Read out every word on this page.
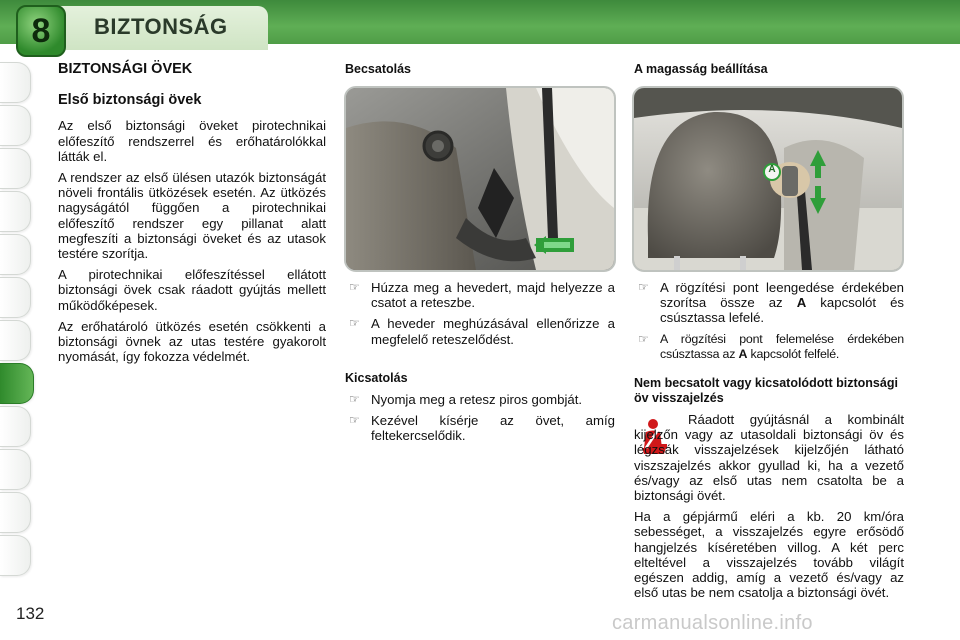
8	BIZTONSÁG
BIZTONSÁGI ÖVEK
Első biztonsági övek

Az első biztonsági öveket pirotechnikai előfeszítő rendszerrel és erőhatárolókkal látták el.

A rendszer az első ülésen utazók biztonságát növeli frontális ütközések esetén. Az ütközés nagyságától függően a pirotechnikai előfeszítő rendszer egy pillanat alatt megfeszíti a biztonsági öveket és az utasok testére szorítja.

A pirotechnikai előfeszítéssel ellátott biztonsági övek csak ráadott gyújtás mellett működőképesek.

Az erőhatároló ütközés esetén csökkenti a biztonsági övnek az utas testére gyakorolt nyomását, így fokozza védelmét.

Becsatolás
☞ Húzza meg a hevedert, majd helyezze a csatot a reteszbe.
☞ A heveder meghúzásával ellenőrizze a megfelelő reteszelődést.
Kicsatolás
☞ Nyomja meg a retesz piros gombját.
☞ Kezével kísérje az övet, amíg feltekercselődik.
A magasság beállítása
A
☞ A rögzítési pont leengedése érdekében szorítsa össze az A kapcsolót és csúsztassa lefelé.
☞ A rögzítési pont felemelése érdekében csúsztassa az A kapcsolót felfelé.
Nem becsatolt vagy kicsatolódott biztonsági öv visszajelzés

Ráadott gyújtásnál a kombinált kijelzőn vagy az utasoldali biztonsági öv és légzsák visszajelzések kijelzőjén látható viszszajelzés akkor gyullad ki, ha a vezető és/vagy az első utas nem csatolta be a biztonsági övét.

Ha a gépjármű eléri a kb. 20 km/óra sebességet, a visszajelzés egyre erősödő hangjelzés kíséretében villog. A két perc elteltével a visszajelzés tovább világít egészen addig, amíg a vezető és/vagy az első utas be nem csatolja a biztonsági övét.

132	carmanualsonline.info
